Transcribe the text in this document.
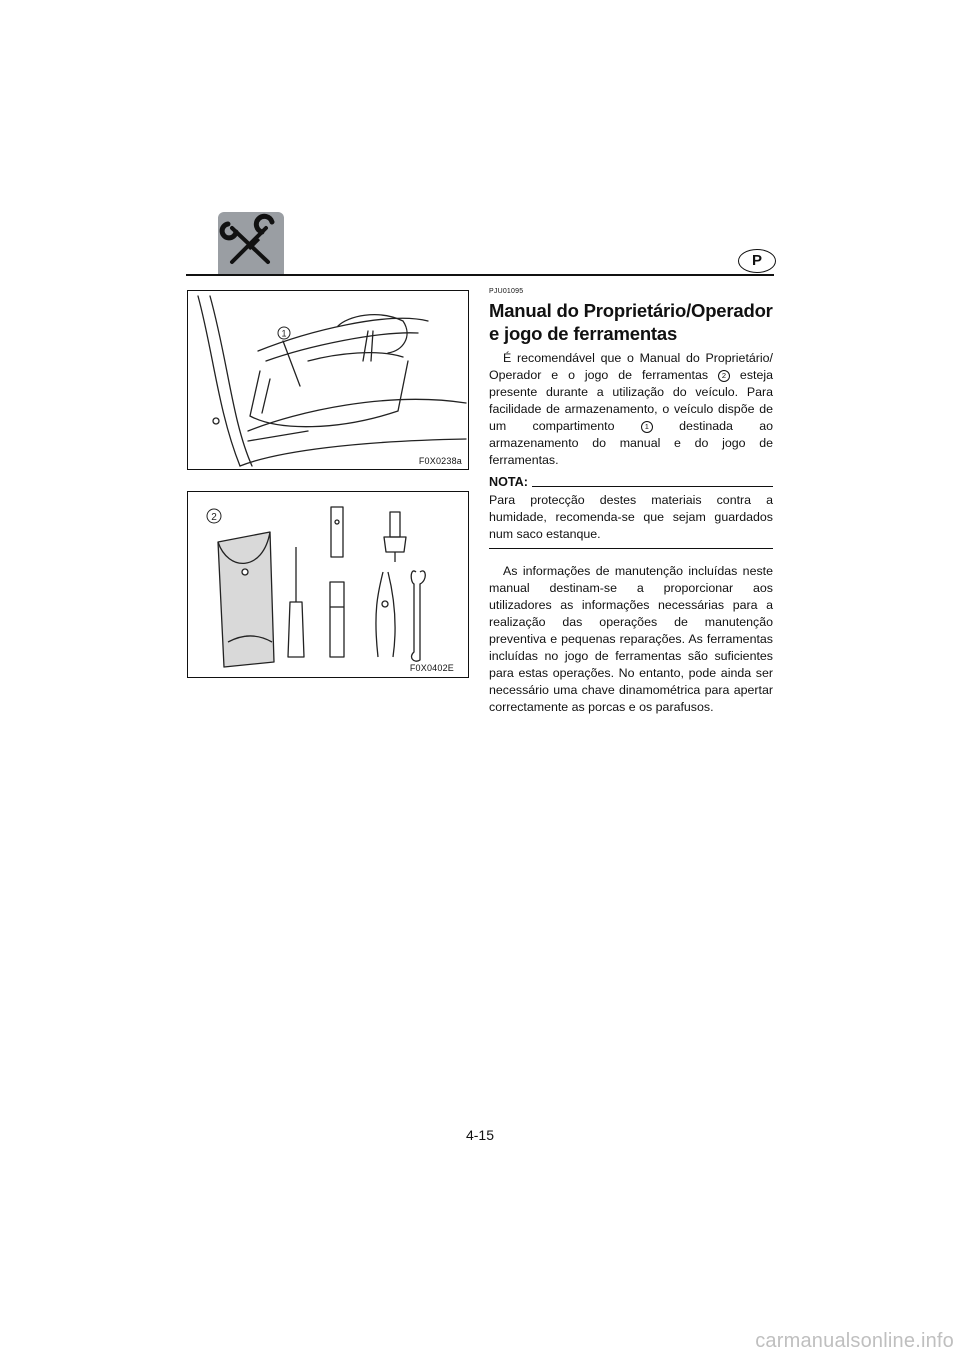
P
1
F0X0238a
2
F0X0402E
PJU01095
Manual do Proprietário/Operador
e jogo de ferramentas

É recomendável que o Manual do Proprietário/ Operador e o jogo de ferramentas 2 esteja presente durante a utilização do veículo. Para facilidade de armazenamento, o veículo dispõe de um compartimento 1 destinada ao armazenamento do manual e do jogo de ferramentas.

NOTA:

Para protecção destes materiais contra a humidade, recomenda-se que sejam guardados num saco estanque.

As informações de manutenção incluídas neste manual destinam-se a proporcionar aos utilizadores as informações necessárias para a realização das operações de manutenção preventiva e pequenas reparações. As ferramentas incluídas no jogo de ferramentas são suficientes para estas operações. No entanto, pode ainda ser necessário uma chave dinamométrica para apertar correctamente as porcas e os parafusos.

4-15
carmanualsonline.info
